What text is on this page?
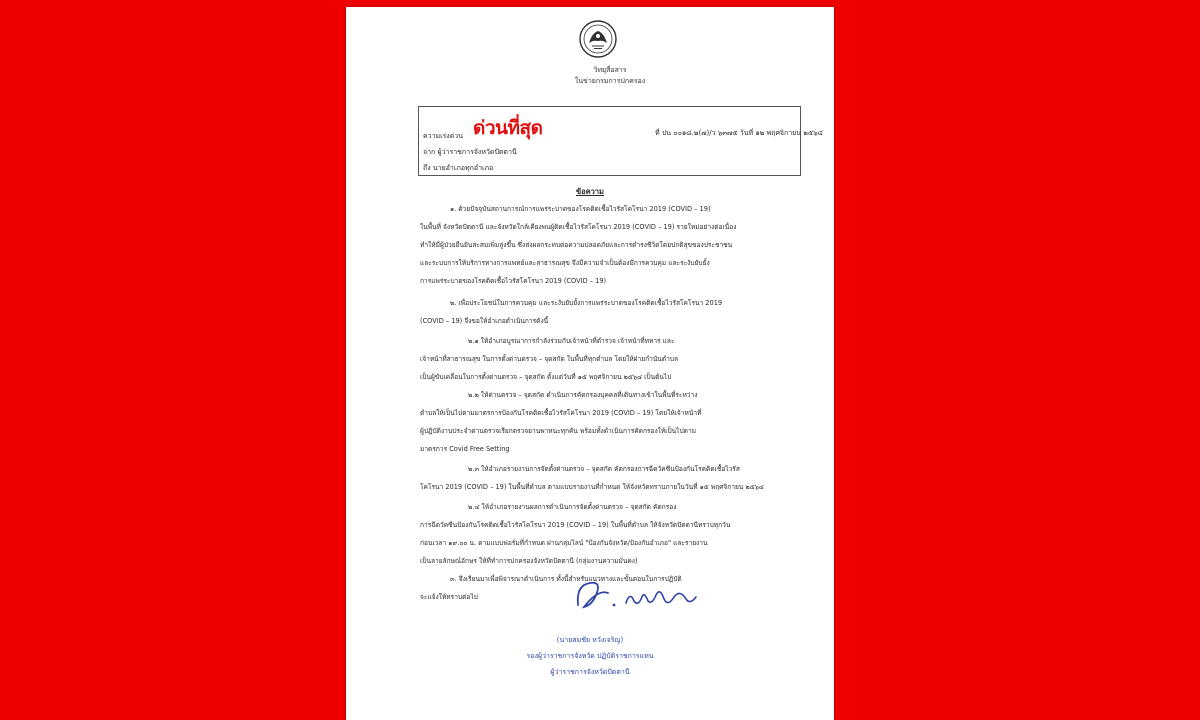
วิทยุสื่อสาร
ในข่ายกรมการปกครอง
ความเร่งด่วน ด่วนที่สุด	ที่ ปน ๐๐๑๘.๒(๗)/ว ๖๓๗๕ วันที่ ๑๒ พฤศจิกายน ๒๕๖๔
จาก ผู้ว่าราชการจังหวัดปัตตานี
ถึง นายอำเภอทุกอำเภอ
ข้อความ
๑. ด้วยปัจจุบันสถานการณ์การแพร่ระบาดของโรคติดเชื้อไวรัสโคโรนา 2019 (COVID – 19)
ในพื้นที่ จังหวัดปัตตานี และจังหวัดใกล้เคียงพบผู้ติดเชื้อไวรัสโคโรนา 2019 (COVID – 19) รายใหม่อย่างต่อเนื่อง
ทำให้มีผู้ป่วยยืนยันสะสมเพิ่มสูงขึ้น ซึ่งส่งผลกระทบต่อความปลอดภัยและการดำรงชีวิตโดยปกติสุขของประชาชน
และระบบการให้บริการทางการแพทย์และสาธารณสุข จึงมีความจำเป็นต้องมีการควบคุม และระงับยับยั้ง
การแพร่ระบาดของโรคติดเชื้อไวรัสโคโรนา 2019 (COVID – 19)
๒. เพื่อประโยชน์ในการควบคุม และระงับยับยั้งการแพร่ระบาดของโรคติดเชื้อไวรัสโคโรนา 2019
(COVID – 19) จึงขอให้อำเภอดำเนินการดังนี้
๒.๑ ให้อำเภอบูรณาการกำลังร่วมกับเจ้าหน้าที่ตำรวจ เจ้าหน้าที่ทหาร และ
เจ้าหน้าที่สาธารณสุข ในการตั้งด่านตรวจ – จุดสกัด ในพื้นที่ทุกตำบล โดยให้ฝ่ายกำนันตำบล
เป็นผู้ขับเคลื่อนในการตั้งด่านตรวจ – จุดสกัด ตั้งแต่วันที่ ๑๕ พฤศจิกายน ๒๕๖๔ เป็นต้นไป
๒.๒ ให้ด่านตรวจ – จุดสกัด ดำเนินการคัดกรองบุคคลที่เดินทางเข้าในพื้นที่ระหว่าง
ตำบลให้เป็นไปตามมาตรการป้องกันโรคติดเชื้อไวรัสโคโรนา 2019 (COVID – 19) โดยให้เจ้าหน้าที่
ผู้ปฏิบัติงานประจำด่านตรวจเรียกตรวจยานพาหนะทุกคัน พร้อมทั้งดำเนินการคัดกรองให้เป็นไปตาม
มาตรการ Covid Free Setting
๒.๓ ให้อำเภอรายงานการจัดตั้งด่านตรวจ – จุดสกัด คัดกรองการฉีดวัคซีนป้องกันโรคติดเชื้อไวรัส
โคโรนา 2019 (COVID – 19) ในพื้นที่ตำบล ตามแบบรายงานที่กำหนด ให้จังหวัดทราบภายในวันที่ ๑๕ พฤศจิกายน ๒๕๖๔
๒.๔ ให้อำเภอรายงานผลการดำเนินการจัดตั้งด่านตรวจ – จุดสกัด คัดกรอง
การฉีดวัคซีนป้องกันโรคติดเชื้อไวรัสโคโรนา 2019 (COVID – 19) ในพื้นที่ตำบล ให้จังหวัดปัตตานีทราบทุกวัน
ก่อนเวลา ๑๙.๐๐ น. ตามแบบฟอร์มที่กำหนด ผ่านกลุ่มไลน์ "ป้องกันจังหวัด/ป้องกันอำเภอ" และรายงาน
เป็นลายลักษณ์อักษร ให้ที่ทำการปกครองจังหวัดปัตตานี (กลุ่มงานความมั่นคง)
๓. จึงเรียนมาเพื่อพิจารณาดำเนินการ ทั้งนี้สำหรับแนวทางและขั้นตอนในการปฏิบัติ
จะแจ้งให้ทราบต่อไป
(นายสมชัย หวังเจริญ)
รองผู้ว่าราชการจังหวัด ปฏิบัติราชการแทน
ผู้ว่าราชการจังหวัดปัตตานี
